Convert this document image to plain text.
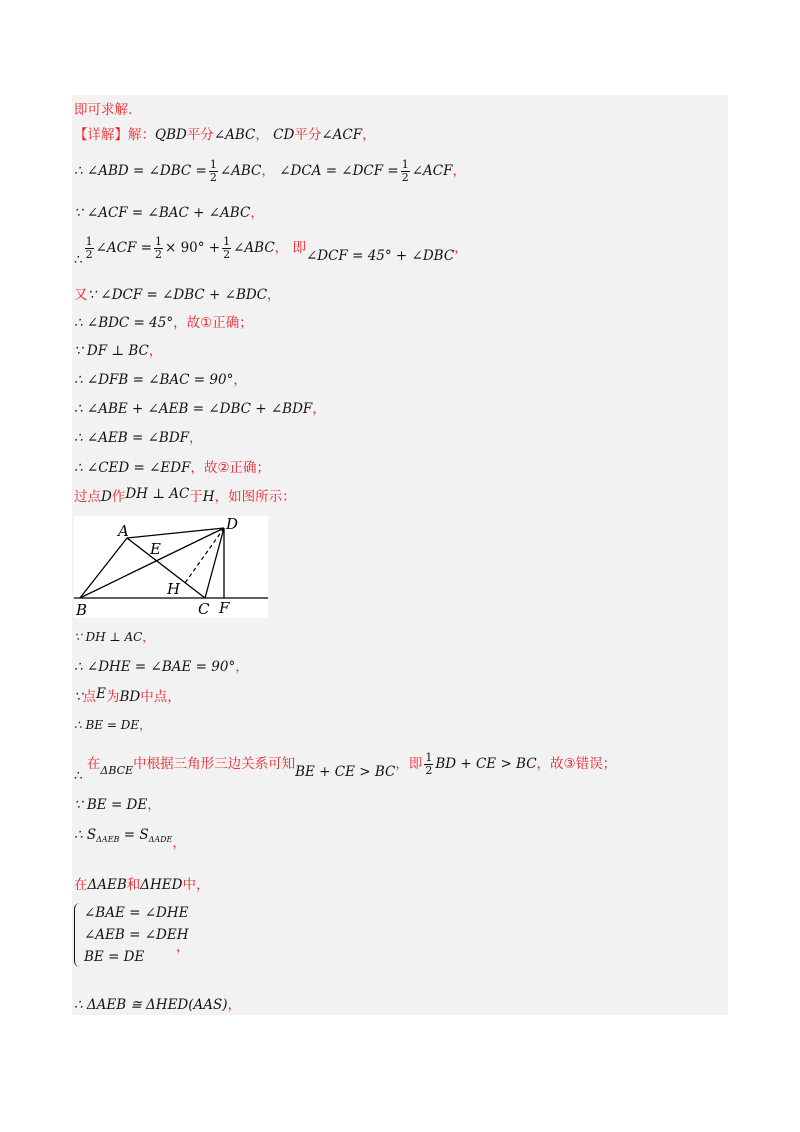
即可求解.
【详解】解：QBD平分∠ABC， CD平分∠ACF，
∴ ∠ABD = ∠DBC = $\frac{1}{2}$ ∠ABC， ∠DCA = ∠DCF = $\frac{1}{2}$ ∠ACF，
∵ ∠ACF = ∠BAC + ∠ABC，
∴ $\frac{1}{2}$ ∠ACF = $\frac{1}{2} \times 90^\circ + \frac{1}{2}$ ∠ABC， 即∠DCF = 45° + ∠DBC，
又∵ ∠DCF = ∠DBC + ∠BDC，
∴ ∠BDC = 45°，故①正确；
∵ DF ⊥ BC，
∴ ∠DFB = ∠BAC = 90°，
∴ ∠ABE + ∠AEB = ∠DBC + ∠BDF，
∴ ∠AEB = ∠BDF，
∴ ∠CED = ∠EDF，故②正确；
过点D作DH ⊥ AC于H，如图所示：
A
B	C
D
E
F
H
∵ DH ⊥ AC，
∴ ∠DHE = ∠BAE = 90°，
∵点E为BD中点，
∴ BE = DE，
∴ 在$_{\Delta BCE}$中根据三角形三边关系可知BE + CE > BC，即 $\frac{1}{2}$ BD + CE > BC，故③错误；
∵ BE = DE，
∴ $S_{\Delta AEB} = S_{\Delta ADE}$，
在ΔAEB和ΔHED中，
∠BAE = ∠DHE
∠AEB = ∠DEH
BE = DE
，
∴ ΔAEB ≅ ΔHED(AAS)，
